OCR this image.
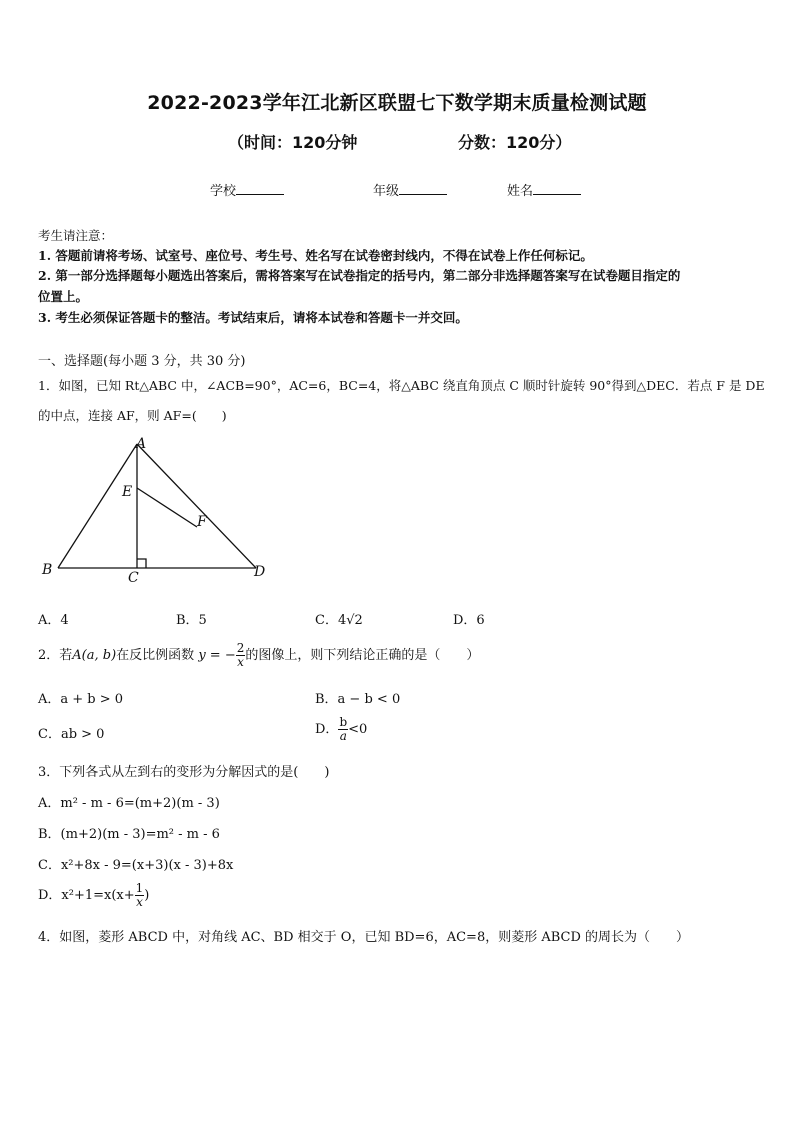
2022-2023学年江北新区联盟七下数学期末质量检测试题
（时间：120分钟	分数：120分）
学校	年级	姓名
考生请注意：
1. 答题前请将考场、试室号、座位号、考生号、姓名写在试卷密封线内，不得在试卷上作任何标记。
2. 第一部分选择题每小题选出答案后，需将答案写在试卷指定的括号内，第二部分非选择题答案写在试卷题目指定的
位置上。
3. 考生必须保证答题卡的整洁。考试结束后，请将本试卷和答题卡一并交回。
一、选择题(每小题 3 分，共 30 分)
1．如图，已知 Rt△ABC 中，∠ACB=90°，AC=6，BC=4，将△ABC 绕直角顶点 C 顺时针旋转 90°得到△DEC．若点 F 是 DE
的中点，连接 AF，则 AF=(　　)
A
B	C	D
E
F
A．4	B．5	C．4√2	D．6
2．若A(a, b)在反比例函数 y = − $\frac{2}{x}$ 的图像上，则下列结论正确的是（　　）
A．a + b > 0	B．a − b < 0
C．ab > 0	D． $\frac{b}{a} <0$
3．下列各式从左到右的变形为分解因式的是(　　)
A．m² - m - 6=(m+2)(m - 3)
B．(m+2)(m - 3)=m² - m - 6
C．x²+8x - 9=(x+3)(x - 3)+8x
D．$x^2+1=x(x+ \frac{1}{x}$ )
4．如图，菱形 ABCD 中，对角线 AC、BD 相交于 O，已知 BD=6，AC=8，则菱形 ABCD 的周长为（　　）
